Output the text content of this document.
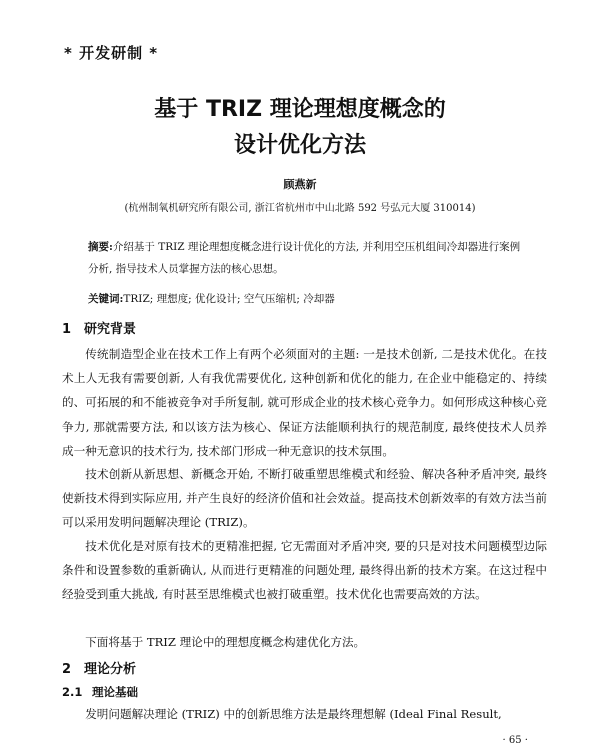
* 开发研制 *
基于 TRIZ 理论理想度概念的
设计优化方法
顾燕新
(杭州制氧机研究所有限公司, 浙江省杭州市中山北路 592 号弘元大厦 310014)
摘要:介绍基于 TRIZ 理论理想度概念进行设计优化的方法, 并利用空压机组间冷却器进行案例分析, 指导技术人员掌握方法的核心思想。
关键词:TRIZ; 理想度; 优化设计; 空气压缩机; 冷却器
1 研究背景
传统制造型企业在技术工作上有两个必须面对的主题: 一是技术创新, 二是技术优化。在技术上人无我有需要创新, 人有我优需要优化, 这种创新和优化的能力, 在企业中能稳定的、持续的、可拓展的和不能被竞争对手所复制, 就可形成企业的技术核心竞争力。如何形成这种核心竞争力, 那就需要方法, 和以该方法为核心、保证方法能顺利执行的规范制度, 最终使技术人员养成一种无意识的技术行为, 技术部门形成一种无意识的技术氛围。
技术创新从新思想、新概念开始, 不断打破重塑思维模式和经验、解决各种矛盾冲突, 最终使新技术得到实际应用, 并产生良好的经济价值和社会效益。提高技术创新效率的有效方法当前可以采用发明问题解决理论 (TRIZ)。
技术优化是对原有技术的更精准把握, 它无需面对矛盾冲突, 要的只是对技术问题模型边际条件和设置参数的重新确认, 从而进行更精准的问题处理, 最终得出新的技术方案。在这过程中经验受到重大挑战, 有时甚至思维模式也被打破重塑。技术优化也需要高效的方法。
下面将基于 TRIZ 理论中的理想度概念构建优化方法。
2 理论分析
2.1 理论基础
发明问题解决理论 (TRIZ) 中的创新思维方法是最终理想解 (Ideal Final Result,
· 65 ·
